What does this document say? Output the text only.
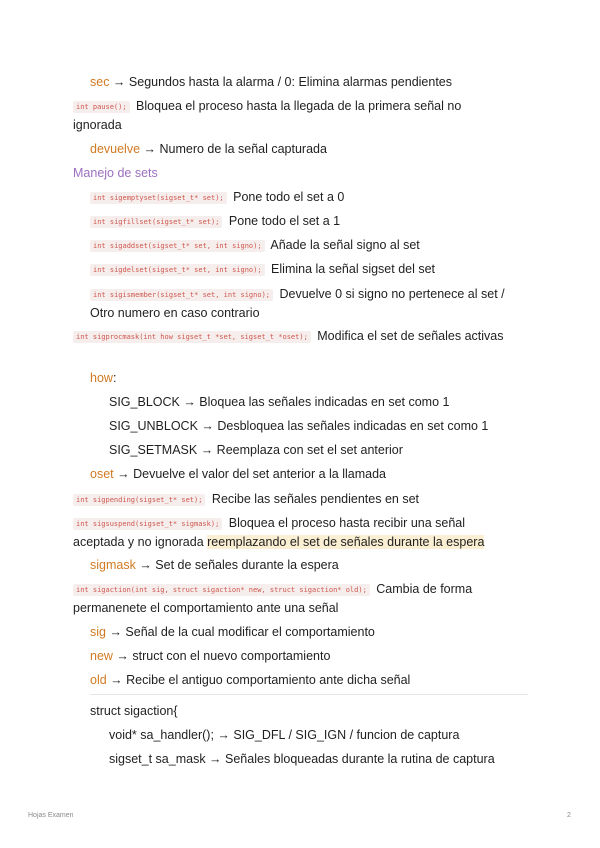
sec → Segundos hasta la alarma / 0: Elimina alarmas pendientes
int pause(); Bloquea el proceso hasta la llegada de la primera señal no ignorada
devuelve → Numero de la señal capturada
Manejo de sets
int sigemptyset(sigset_t* set); Pone todo el set a 0
int sigfillset(sigset_t* set); Pone todo el set a 1
int sigaddset(sigset_t* set, int signo); Añade la señal signo al set
int sigdelset(sigset_t* set, int signo); Elimina la señal sigset del set
int sigismember(sigset_t* set, int signo); Devuelve 0 si signo no pertenece al set / Otro numero en caso contrario
int sigprocmask(int how sigset_t *set, sigset_t *oset); Modifica el set de señales activas
how:
SIG_BLOCK → Bloquea las señales indicadas en set como 1
SIG_UNBLOCK → Desbloquea las señales indicadas en set como 1
SIG_SETMASK → Reemplaza con set el set anterior
oset → Devuelve el valor del set anterior a la llamada
int sigpending(sigset_t* set); Recibe las señales pendientes en set
int sigsuspend(sigset_t* sigmask); Bloquea el proceso hasta recibir una señal aceptada y no ignorada reemplazando el set de señales durante la espera
sigmask → Set de señales durante la espera
int sigaction(int sig, struct sigaction* new, struct sigaction* old); Cambia de forma permanenete el comportamiento ante una señal
sig → Señal de la cual modificar el comportamiento
new → struct con el nuevo comportamiento
old → Recibe el antiguo comportamiento ante dicha señal
struct sigaction{
void* sa_handler(); → SIG_DFL / SIG_IGN / funcion de captura
sigset_t sa_mask → Señales bloqueadas durante la rutina de captura
Hojas Examen	2
